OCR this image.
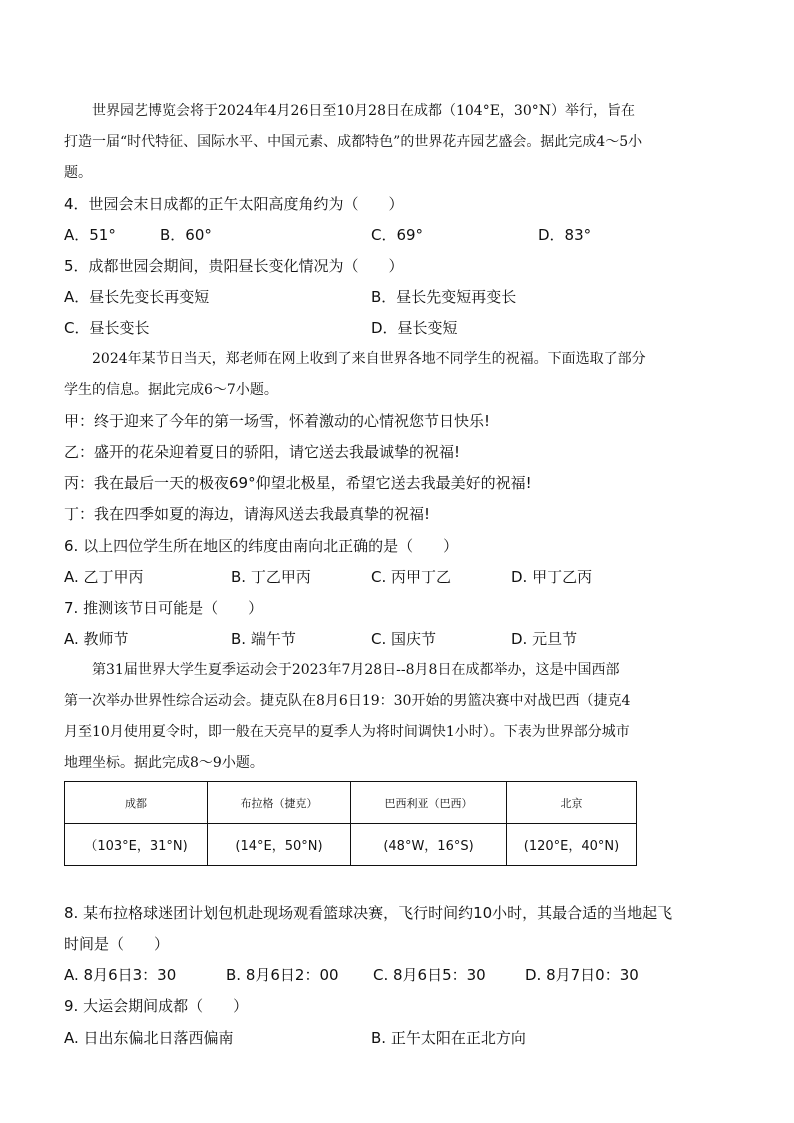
世界园艺博览会将于2024年4月26日至10月28日在成都（104°E，30°N）举行，旨在
打造一届“时代特征、国际水平、中国元素、成都特色”的世界花卉园艺盛会。据此完成4～5小
题。
4．世园会末日成都的正午太阳高度角约为（　　）
A．51°	B．60°	C．69°	D．83°
5．成都世园会期间，贵阳昼长变化情况为（　　）
A．昼长先变长再变短	B．昼长先变短再变长
C．昼长变长	D．昼长变短
2024年某节日当天，郑老师在网上收到了来自世界各地不同学生的祝福。下面选取了部分
学生的信息。据此完成6～7小题。
甲：终于迎来了今年的第一场雪，怀着激动的心情祝您节日快乐!
乙：盛开的花朵迎着夏日的骄阳，请它送去我最诚挚的祝福!
丙：我在最后一天的极夜69°仰望北极星，希望它送去我最美好的祝福!
丁：我在四季如夏的海边，请海风送去我最真挚的祝福!
6. 以上四位学生所在地区的纬度由南向北正确的是（　　）
A. 乙丁甲丙	B. 丁乙甲丙	C. 丙甲丁乙	D. 甲丁乙丙
7. 推测该节日可能是（　　）
A. 教师节	B. 端午节	C. 国庆节	D. 元旦节
第31届世界大学生夏季运动会于2023年7月28日--8月8日在成都举办，这是中国西部
第一次举办世界性综合运动会。捷克队在8月6日19：30开始的男篮决赛中对战巴西（捷克4
月至10月使用夏令时，即一般在天亮早的夏季人为将时间调快1小时）。下表为世界部分城市
地理坐标。据此完成8～9小题。
成都	布拉格（捷克）	巴西利亚（巴西）	北京
（103°E，31°N)	(14°E，50°N)	(48°W，16°S)	(120°E，40°N)
8. 某布拉格球迷团计划包机赴现场观看篮球决赛，飞行时间约10小时，其最合适的当地起飞
时间是（　　）
A. 8月6日3：30	B. 8月6日2：00 C. 8月6日5：30	D. 8月7日0：30
9. 大运会期间成都（　　）
A. 日出东偏北日落西偏南	B. 正午太阳在正北方向
